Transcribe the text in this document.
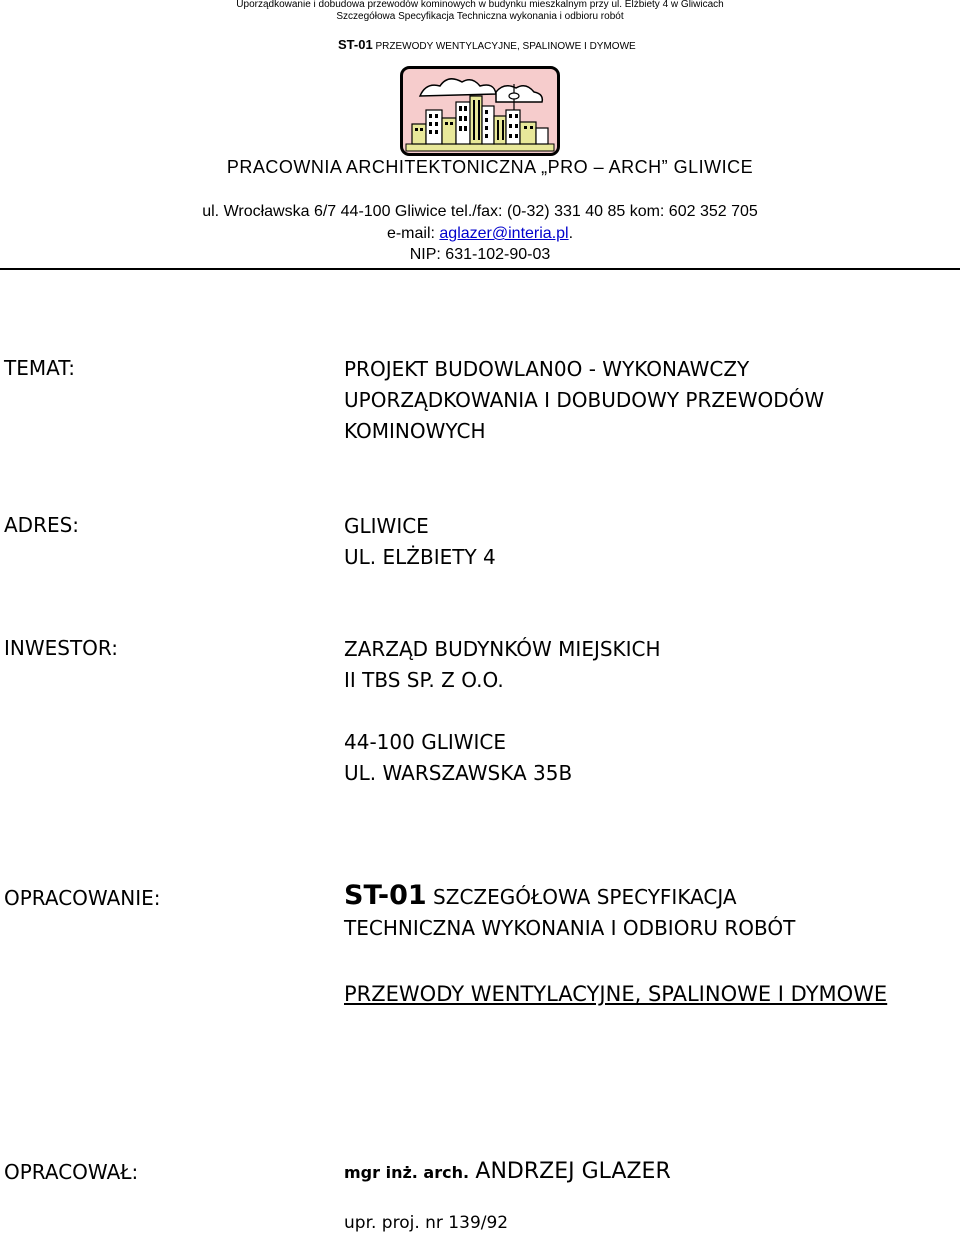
Uporządkowanie i dobudowa przewodów kominowych w budynku mieszkalnym przy ul. Elżbiety 4 w Gliwicach
Szczegółowa Specyfikacja Techniczna wykonania i odbioru robót
ST-01 PRZEWODY WENTYLACYJNE, SPALINOWE I DYMOWE
PRACOWNIA ARCHITEKTONICZNA „PRO – ARCH” GLIWICE
ul. Wrocławska 6/7 44-100 Gliwice tel./fax: (0-32) 331 40 85 kom: 602 352 705
e-mail: aglazer@interia.pl.
NIP: 631-102-90-03
TEMAT:	PROJEKT BUDOWLAN0O - WYKONAWCZY
UPORZĄDKOWANIA I DOBUDOWY PRZEWODÓW
KOMINOWYCH
ADRES:	GLIWICE
UL. ELŻBIETY 4
INWESTOR:	ZARZĄD BUDYNKÓW MIEJSKICH
II TBS SP. Z O.O.
44-100 GLIWICE
UL. WARSZAWSKA 35B
OPRACOWANIE:	ST-01 SZCZEGÓŁOWA SPECYFIKACJA
TECHNICZNA WYKONANIA I ODBIORU ROBÓT
PRZEWODY WENTYLACYJNE, SPALINOWE I DYMOWE
OPRACOWAŁ:	mgr inż. arch. ANDRZEJ GLAZER
upr. proj. nr 139/92
